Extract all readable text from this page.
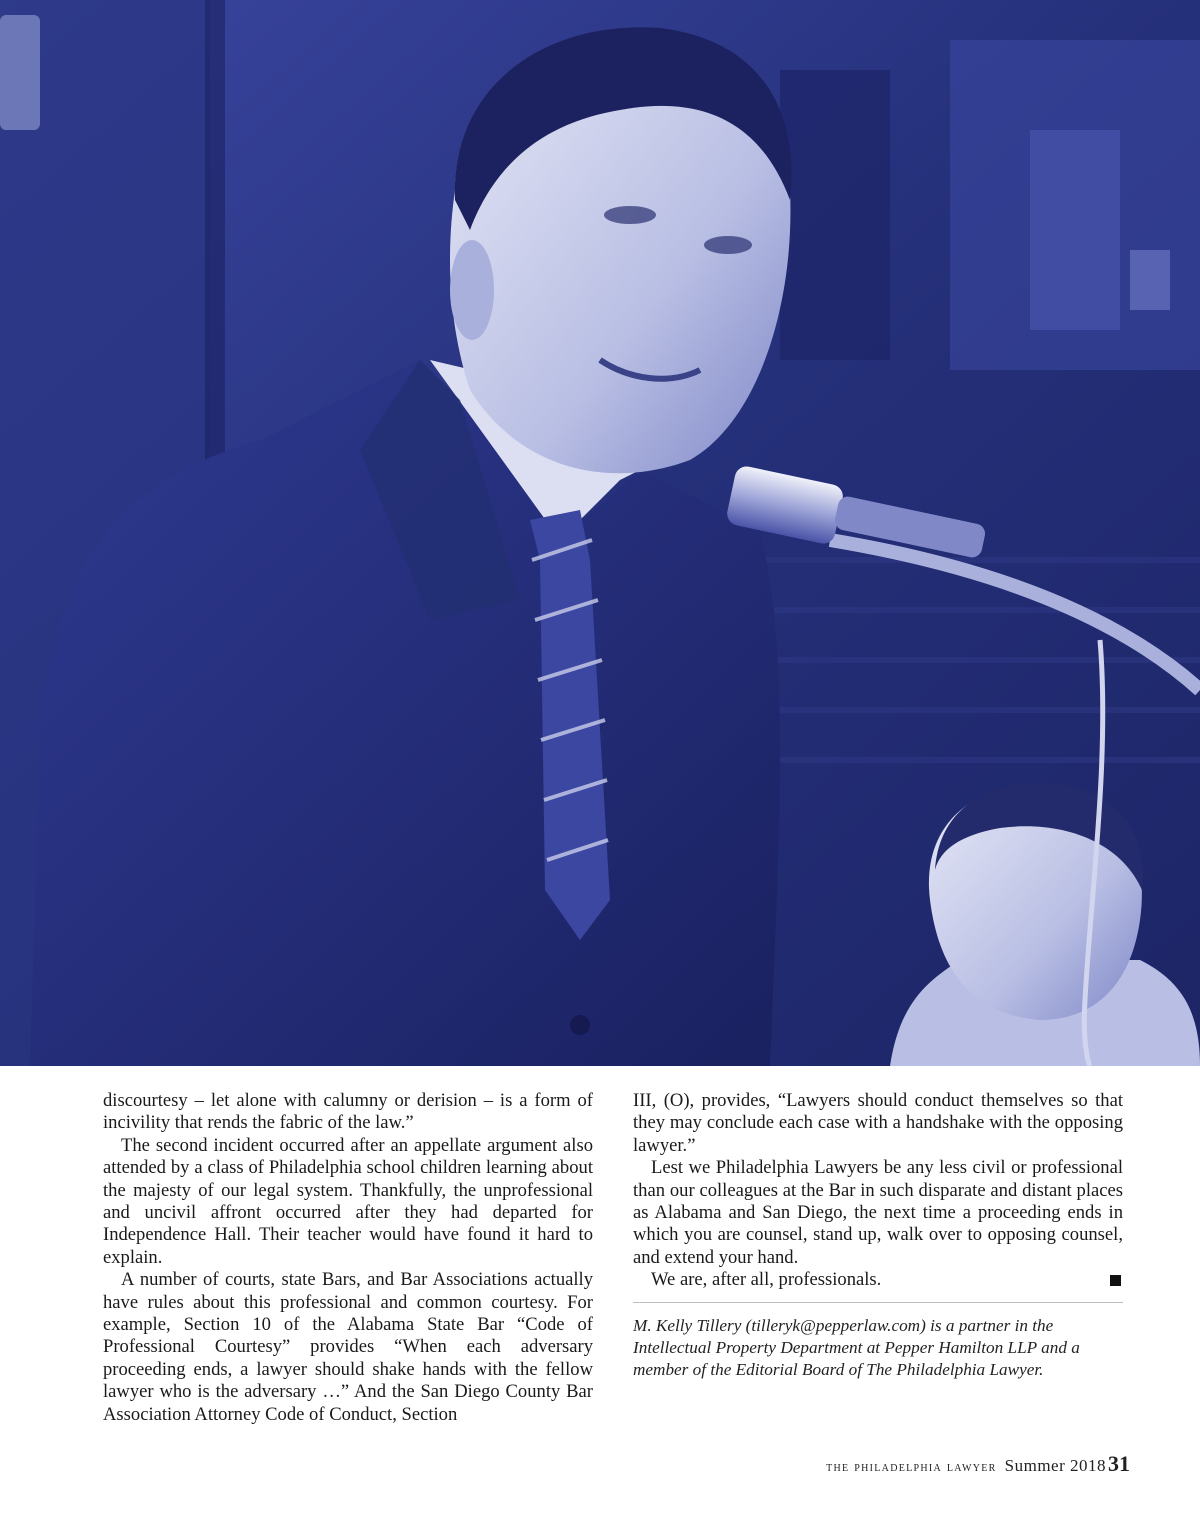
discourtesy – let alone with calumny or derision – is a form of incivility that rends the fabric of the law.”

The second incident occurred after an appellate argument also attended by a class of Philadelphia school children learning about the majesty of our legal system. Thankfully, the unprofessional and uncivil affront occurred after they had departed for Independence Hall. Their teacher would have found it hard to explain.

A number of courts, state Bars, and Bar Associations actually have rules about this professional and common courtesy. For example, Section 10 of the Alabama State Bar “Code of Professional Courtesy” provides “When each adversary proceeding ends, a lawyer should shake hands with the fellow lawyer who is the adversary …” And the San Diego County Bar Association Attorney Code of Conduct, Section

III, (O), provides, “Lawyers should conduct themselves so that they may conclude each case with a handshake with the opposing lawyer.”

Lest we Philadelphia Lawyers be any less civil or professional than our colleagues at the Bar in such disparate and distant places as Alabama and San Diego, the next time a proceeding ends in which you are counsel, stand up, walk over to opposing counsel, and extend your hand.

We are, after all, professionals.

M. Kelly Tillery (tilleryk@pepperlaw.com) is a partner in the Intellectual Property Department at Pepper Hamilton LLP and a member of the Editorial Board of The Philadelphia Lawyer.

the philadelphia lawyer Summer 201831
